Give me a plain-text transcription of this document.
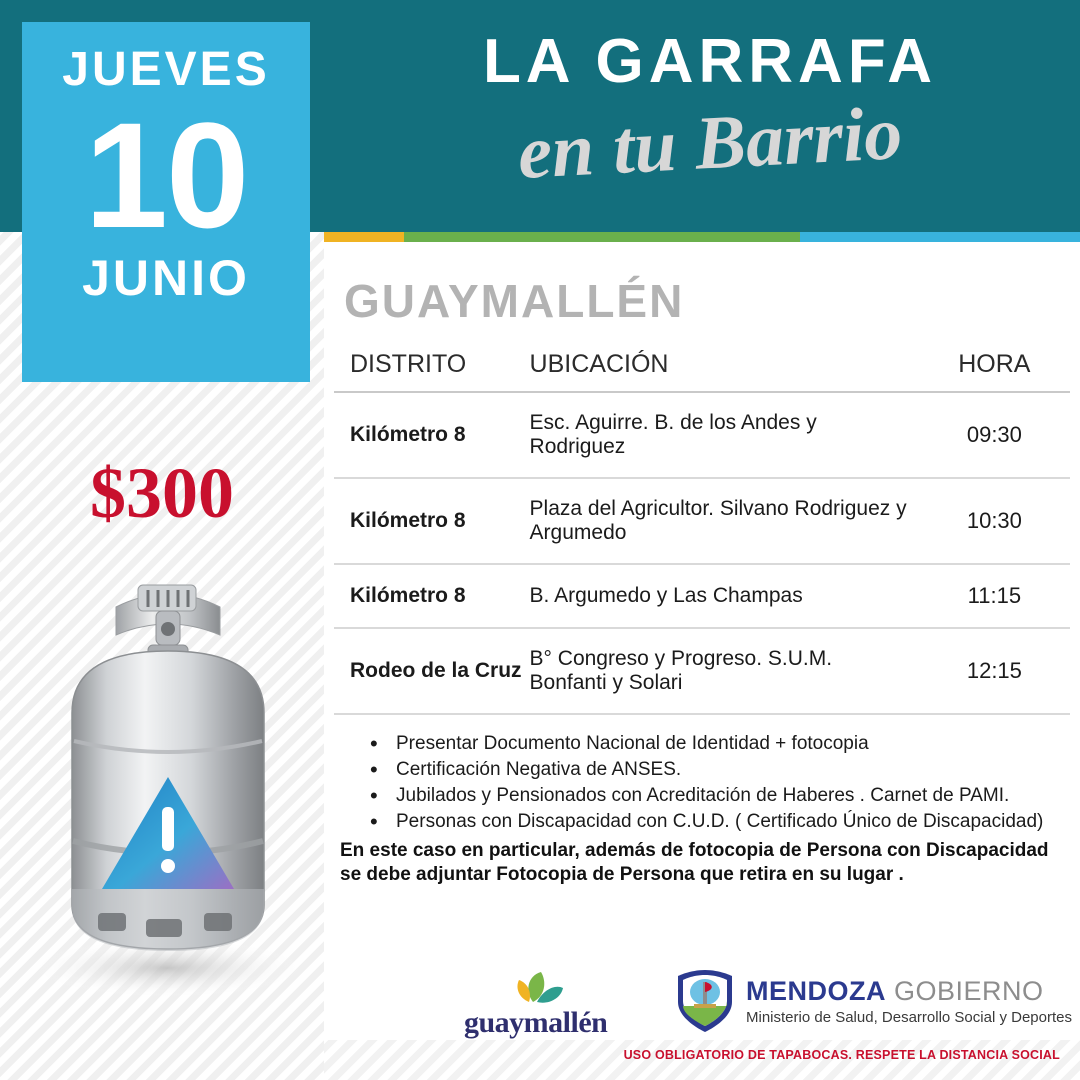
LA GARRAFA
en tu Barrio
JUEVES
10
JUNIO
$300
GUAYMALLÉN
DISTRITO	UBICACIÓN	HORA
Kilómetro 8	Esc. Aguirre. B. de los Andes y Rodriguez	09:30
Kilómetro 8	Plaza del Agricultor. Silvano Rodriguez y Argumedo	10:30
Kilómetro 8	B. Argumedo y Las Champas	11:15
Rodeo de la Cruz	B° Congreso y Progreso. S.U.M. Bonfanti y Solari	12:15
• Presentar Documento Nacional de Identidad + fotocopia
• Certificación Negativa de ANSES.
• Jubilados y Pensionados con Acreditación de Haberes . Carnet de PAMI.
• Personas con Discapacidad con C.U.D. ( Certificado Único de Discapacidad)
En este caso en particular, además de fotocopia de Persona con Discapacidad se debe adjuntar Fotocopia de Persona que retira en su lugar .
guaymallén
MENDOZA GOBIERNO
Ministerio de Salud, Desarrollo Social y Deportes
USO OBLIGATORIO DE TAPABOCAS. RESPETE LA DISTANCIA SOCIAL
